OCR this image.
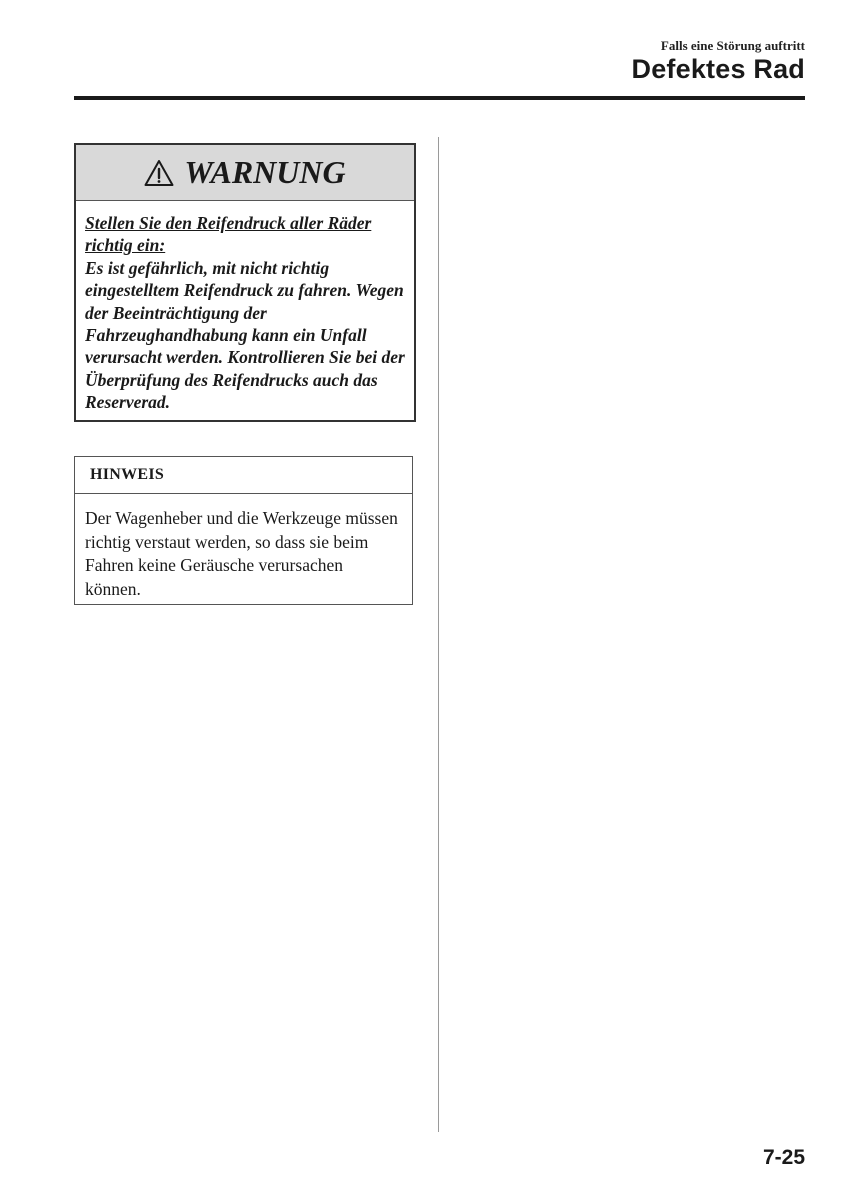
Falls eine Störung auftritt
Defektes Rad
WARNUNG
Stellen Sie den Reifendruck aller Räder richtig ein:
Es ist gefährlich, mit nicht richtig eingestelltem Reifendruck zu fahren. Wegen der Beeinträchtigung der Fahrzeughandhabung kann ein Unfall verursacht werden. Kontrollieren Sie bei der Überprüfung des Reifendrucks auch das Reserverad.
HINWEIS
Der Wagenheber und die Werkzeuge müssen richtig verstaut werden, so dass sie beim Fahren keine Geräusche verursachen können.
7-25
